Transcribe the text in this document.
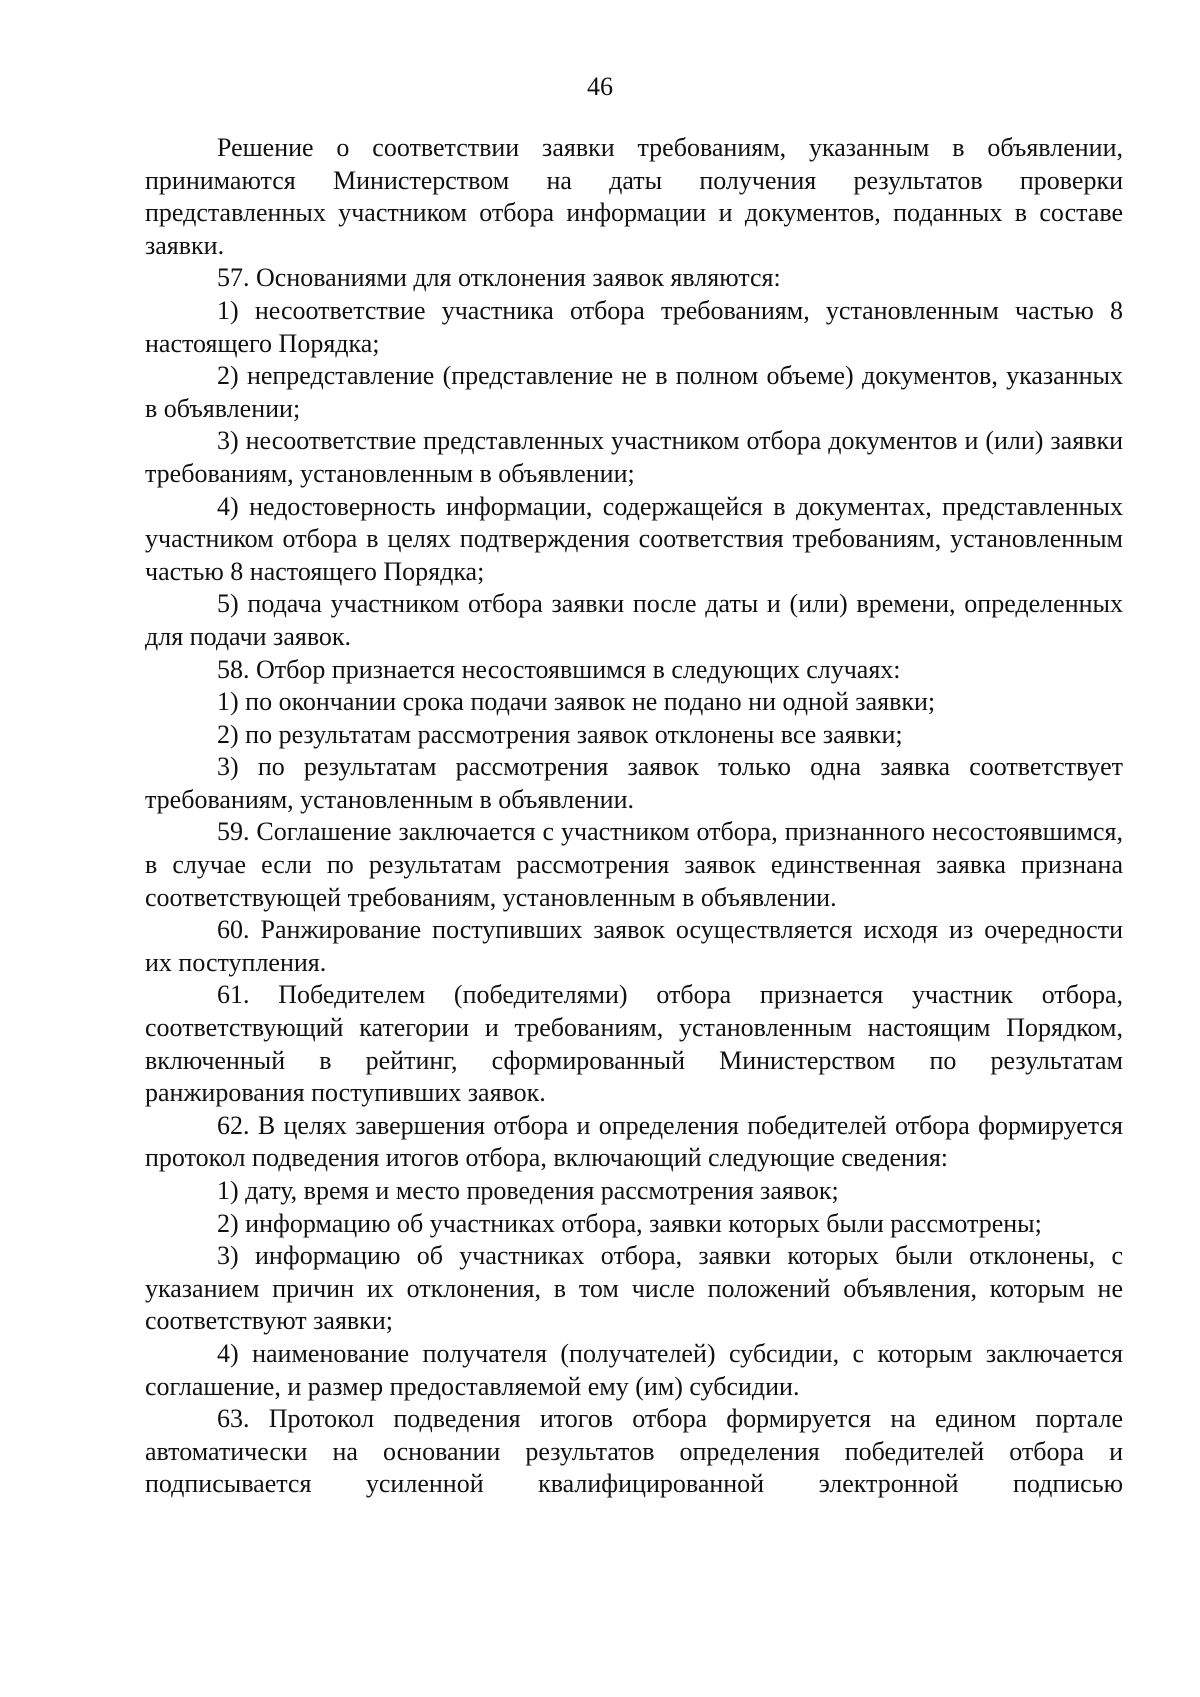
46

Решение о соответствии заявки требованиям, указанным в объявлении, принимаются Министерством на даты получения результатов проверки представленных участником отбора информации и документов, поданных в составе заявки.

57. Основаниями для отклонения заявок являются:

1) несоответствие участника отбора требованиям, установленным частью 8 настоящего Порядка;

2) непредставление (представление не в полном объеме) документов, указанных в объявлении;

3) несоответствие представленных участником отбора документов и (или) заявки требованиям, установленным в объявлении;

4) недостоверность информации, содержащейся в документах, представленных участником отбора в целях подтверждения соответствия требованиям, установленным частью 8 настоящего Порядка;

5) подача участником отбора заявки после даты и (или) времени, определенных для подачи заявок.

58. Отбор признается несостоявшимся в следующих случаях:

1) по окончании срока подачи заявок не подано ни одной заявки;

2) по результатам рассмотрения заявок отклонены все заявки;

3) по результатам рассмотрения заявок только одна заявка соответствует требованиям, установленным в объявлении.

59. Соглашение заключается с участником отбора, признанного несостоявшимся, в случае если по результатам рассмотрения заявок единственная заявка признана соответствующей требованиям, установленным в объявлении.

60. Ранжирование поступивших заявок осуществляется исходя из очередности их поступления.

61. Победителем (победителями) отбора признается участник отбора, соответствующий категории и требованиям, установленным настоящим Порядком, включенный в рейтинг, сформированный Министерством по результатам ранжирования поступивших заявок.

62. В целях завершения отбора и определения победителей отбора формируется протокол подведения итогов отбора, включающий следующие сведения:

1) дату, время и место проведения рассмотрения заявок;

2) информацию об участниках отбора, заявки которых были рассмотрены;

3) информацию об участниках отбора, заявки которых были отклонены, с указанием причин их отклонения, в том числе положений объявления, которым не соответствуют заявки;

4) наименование получателя (получателей) субсидии, с которым заключается соглашение, и размер предоставляемой ему (им) субсидии.

63. Протокол подведения итогов отбора формируется на едином портале автоматически на основании результатов определения победителей отбора и подписывается усиленной квалифицированной электронной подписью
